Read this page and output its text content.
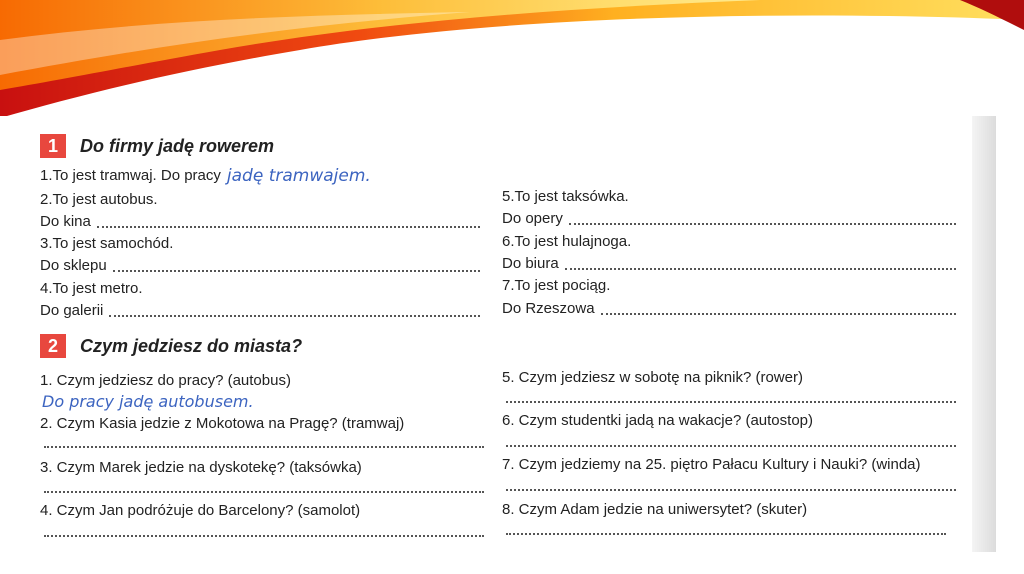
1	Do firmy jadę rowerem
1.To jest tramwaj. Do pracy jadę tramwajem.
2.To jest autobus.
Do kina
3.To jest samochód.
Do sklepu
4.To jest metro.
Do galerii
5.To jest taksówka.
Do opery
6.To jest hulajnoga.
Do biura
7.To jest pociąg.
Do Rzeszowa
2	Czym jedziesz do miasta?
1. Czym jedziesz do pracy? (autobus)
Do pracy jadę autobusem.
2. Czym Kasia jedzie z Mokotowa na Pragę? (tramwaj)
3. Czym Marek jedzie na dyskotekę? (taksówka)
4. Czym Jan podróżuje do Barcelony? (samolot)
5. Czym jedziesz w sobotę na piknik? (rower)
6. Czym studentki jadą na wakacje? (autostop)
7. Czym jedziemy na 25. piętro Pałacu Kultury i Nauki? (winda)
8. Czym Adam jedzie na uniwersytet? (skuter)
